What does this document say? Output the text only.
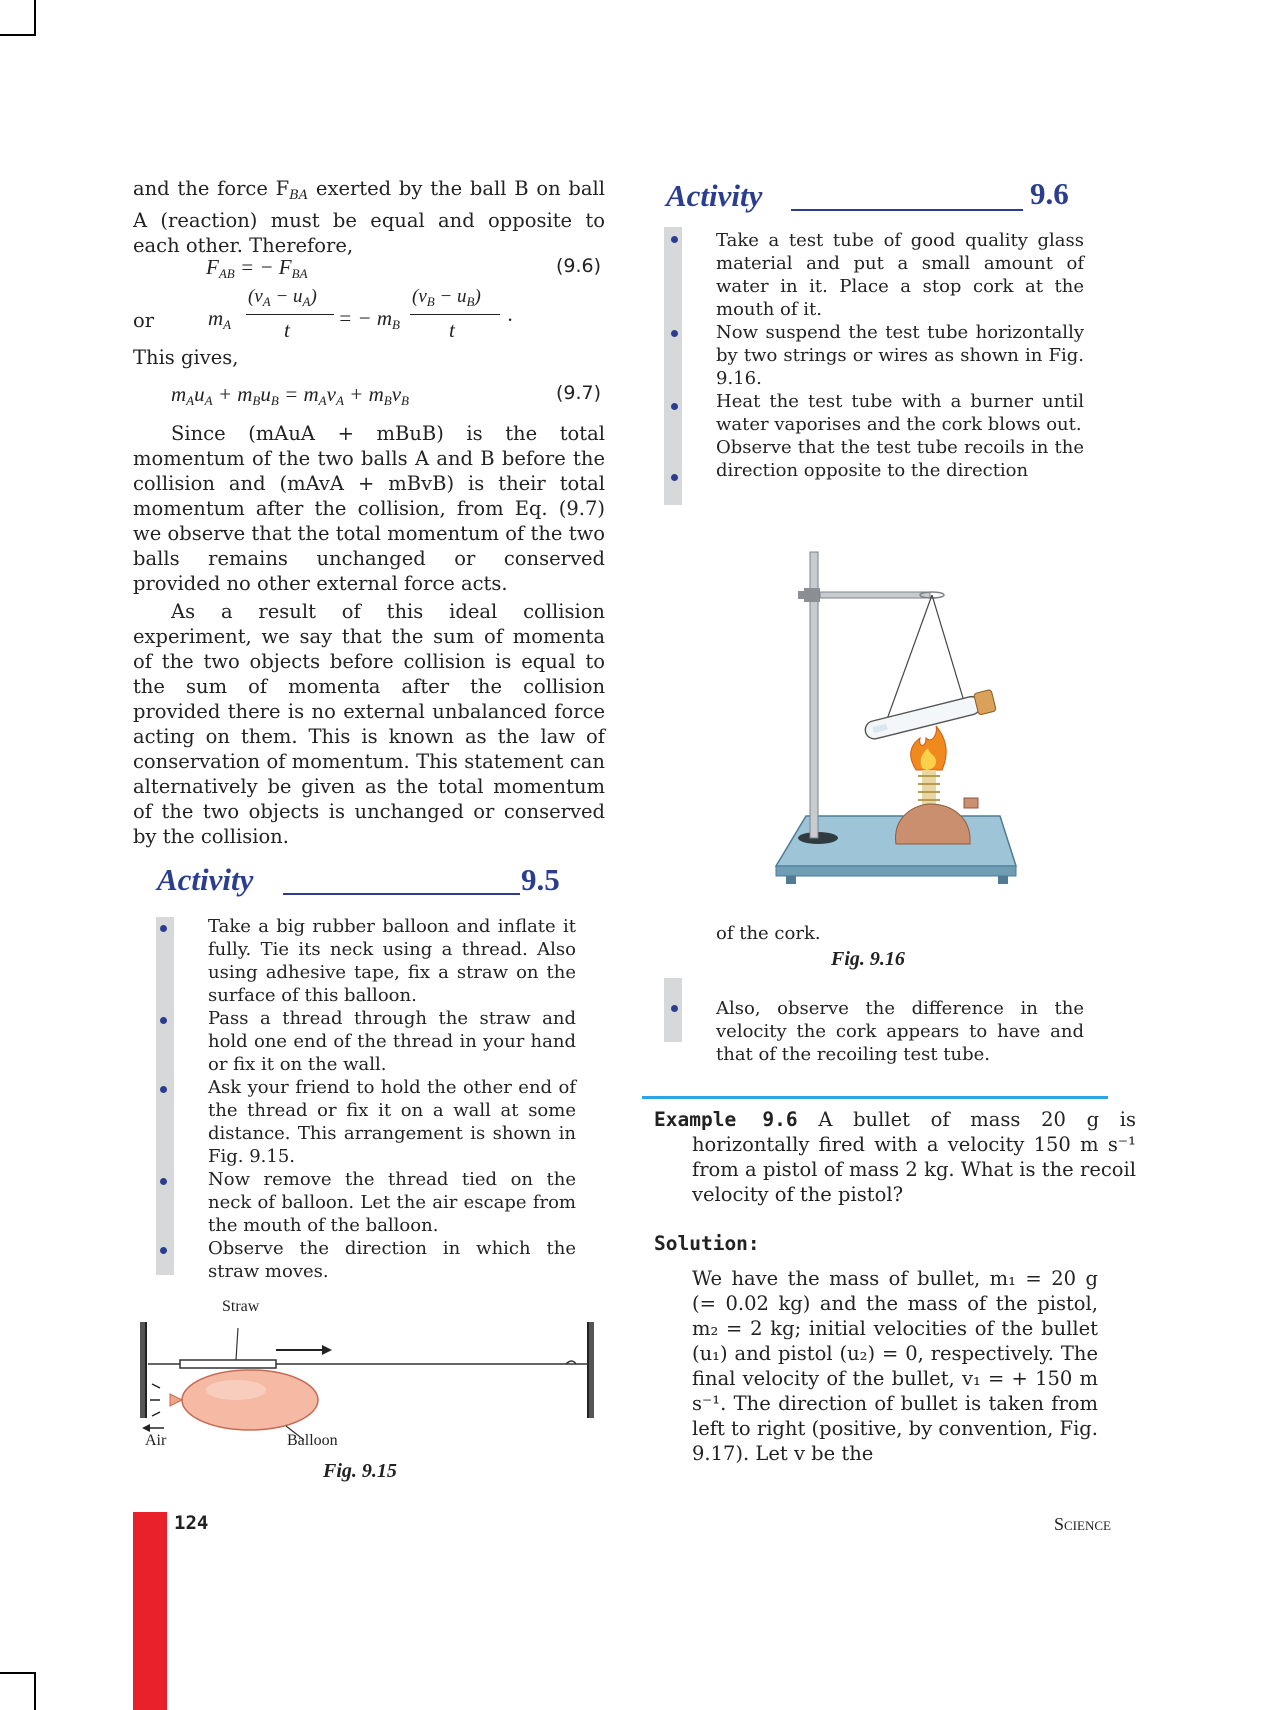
and the force $F_{BA}$ exerted by the ball B on ball A (reaction) must be equal and opposite to each other. Therefore,
$F_{AB}$ = − $F_{BA}$	(9.6)
or	$m_A$
$(v_A - u_A)$
t = − $m_B$
$(v_B - u_B)$
t
.
This gives,
$m_Au_A + m_Bu_B = m_Av_A + m_Bv_B$	(9.7)
Since (mAuA + mBuB) is the total momentum of the two balls A and B before the collision and (mAvA + mBvB) is their total momentum after the collision, from Eq. (9.7) we observe that the total momentum of the two balls remains unchanged or conserved provided no other external force acts.
As a result of this ideal collision experiment, we say that the sum of momenta of the two objects before collision is equal to the sum of momenta after the collision provided there is no external unbalanced force acting on them. This is known as the law of conservation of momentum. This statement can alternatively be given as the total momentum of the two objects is unchanged or conserved by the collision.
Activity	9.5

Take a big rubber balloon and inflate it fully. Tie its neck using a thread. Also using adhesive tape, fix a straw on the surface of this balloon.

Pass a thread through the straw and hold one end of the thread in your hand or fix it on the wall.

Ask your friend to hold the other end of the thread or fix it on a wall at some distance. This arrangement is shown in Fig. 9.15.

Now remove the thread tied on the neck of balloon. Let the air escape from the mouth of the balloon.

Observe the direction in which the straw moves.

Straw
Air	Balloon
Fig. 9.15
Activity	9.6

Take a test tube of good quality glass material and put a small amount of water in it. Place a stop cork at the mouth of it.

Now suspend the test tube horizontally by two strings or wires as shown in Fig. 9.16.

Heat the test tube with a burner until water vaporises and the cork blows out.

Observe that the test tube recoils in the direction opposite to the direction

of the cork.
Fig. 9.16
Also, observe the difference in the velocity the cork appears to have and that of the recoiling test tube.
Example 9.6 A bullet of mass 20 g is horizontally fired with a velocity 150 m s⁻¹ from a pistol of mass 2 kg. What is the recoil velocity of the pistol?
Solution:
We have the mass of bullet, m₁ = 20 g (= 0.02 kg) and the mass of the pistol, m₂ = 2 kg; initial velocities of the bullet (u₁) and pistol (u₂) = 0, respectively. The final velocity of the bullet, v₁ = + 150 m s⁻¹. The direction of bullet is taken from left to right (positive, by convention, Fig. 9.17). Let v be the
124	Science
